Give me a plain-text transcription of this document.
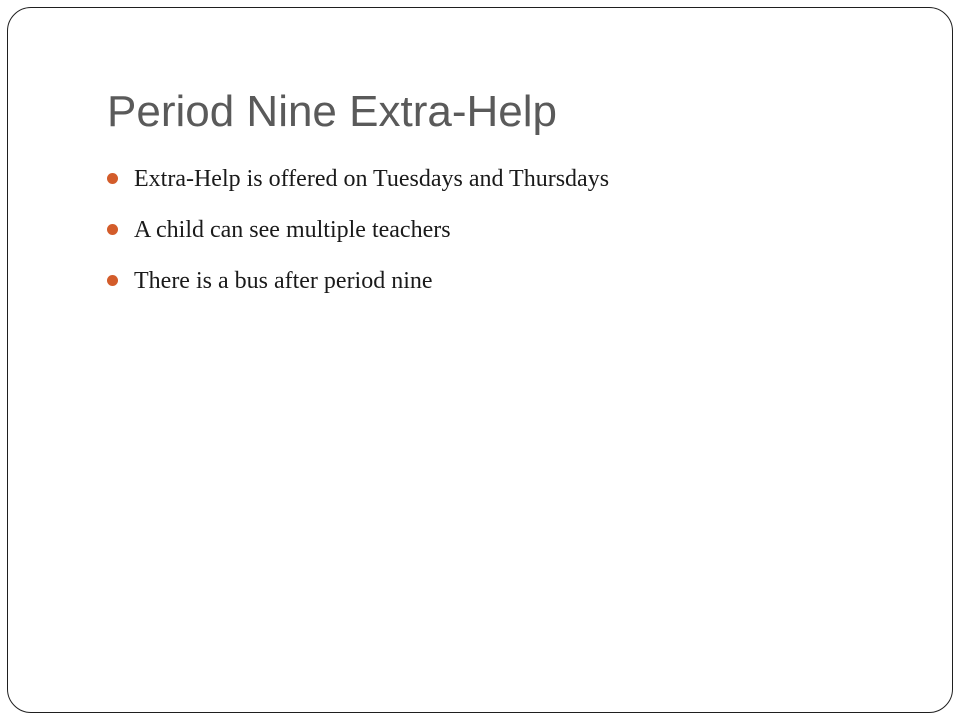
Period Nine Extra-Help
Extra-Help is offered on Tuesdays and Thursdays
A child can see multiple teachers
There is a bus after period nine
